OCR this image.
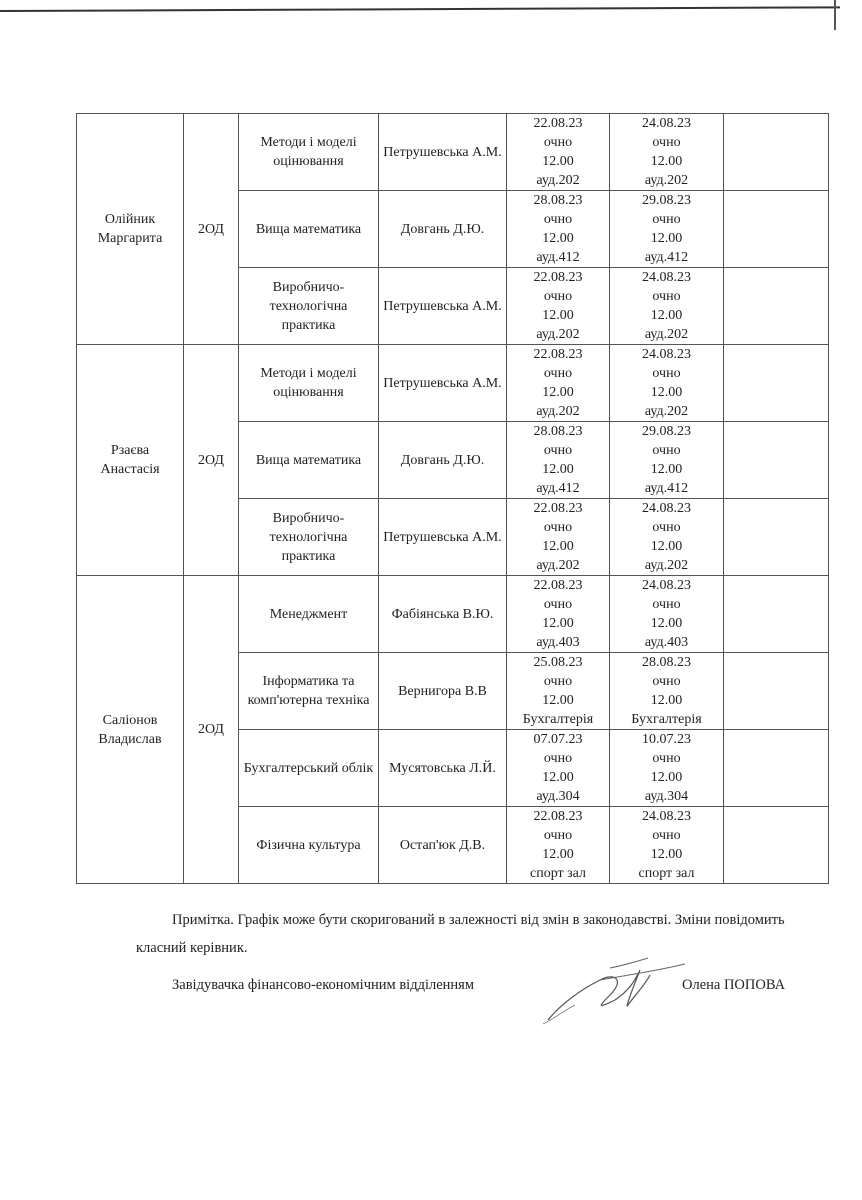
Олійник Маргарита	2ОД	Методи і моделі оцінювання	Петрушевська А.М.	22.08.23
очно
12.00
ауд.202	24.08.23
очно
12.00
ауд.202	

		Вища математика	Довгань Д.Ю.	28.08.23
очно
12.00
ауд.412	29.08.23
очно
12.00
ауд.412	

		Виробничо-технологічна практика	Петрушевська А.М.	22.08.23
очно
12.00
ауд.202	24.08.23
очно
12.00
ауд.202	

Рзаєва Анастасія	2ОД	Методи і моделі оцінювання	Петрушевська А.М.	22.08.23
очно
12.00
ауд.202	24.08.23
очно
12.00
ауд.202	

		Вища математика	Довгань Д.Ю.	28.08.23
очно
12.00
ауд.412	29.08.23
очно
12.00
ауд.412	

		Виробничо-технологічна практика	Петрушевська А.М.	22.08.23
очно
12.00
ауд.202	24.08.23
очно
12.00
ауд.202	

Саліонов Владислав	2ОД	Менеджмент	Фабіянська В.Ю.	22.08.23
очно
12.00
ауд.403	24.08.23
очно
12.00
ауд.403	

		Інформатика та комп'ютерна техніка	Вернигора В.В	25.08.23
очно
12.00
Бухгалтерія	28.08.23
очно
12.00
Бухгалтерія	

		Бухгалтерський облік	Мусятовська Л.Й.	07.07.23
очно
12.00
ауд.304	10.07.23
очно
12.00
ауд.304	

		Фізична культура	Остап'юк Д.В.	22.08.23
очно
12.00
спорт зал	24.08.23
очно
12.00
спорт зал	

Примітка. Графік може бути скоригований в залежності від змін в законодавстві. Зміни повідомить класний керівник.
Завідувачка фінансово-економічним відділенням	Олена ПОПОВА
